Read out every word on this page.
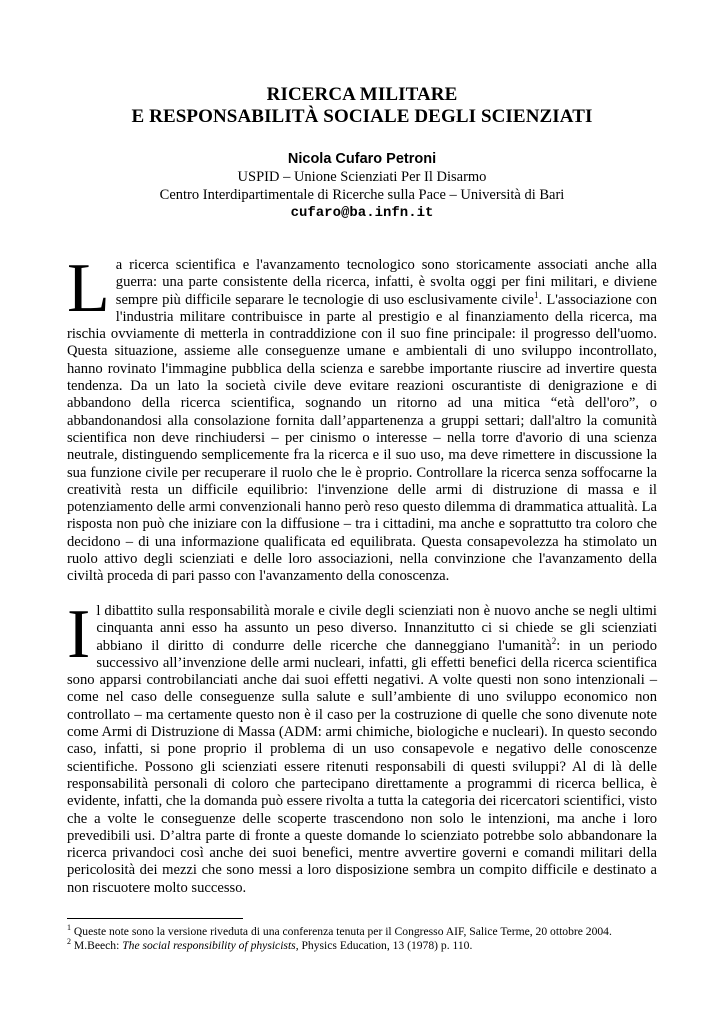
RICERCA MILITARE
E RESPONSABILITÀ SOCIALE DEGLI SCIENZIATI
Nicola Cufaro Petroni
USPID – Unione Scienziati Per Il Disarmo
Centro Interdipartimentale di Ricerche sulla Pace – Università di Bari
cufaro@ba.infn.it

La ricerca scientifica e l'avanzamento tecnologico sono storicamente associati anche alla guerra: una parte consistente della ricerca, infatti, è svolta oggi per fini militari, e diviene sempre più difficile separare le tecnologie di uso esclusivamente civile$^1$. L'associazione con l'industria militare contribuisce in parte al prestigio e al finanziamento della ricerca, ma rischia ovviamente di metterla in contraddizione con il suo fine principale: il progresso dell'uomo. Questa situazione, assieme alle conseguenze umane e ambientali di uno sviluppo incontrollato, hanno rovinato l'immagine pubblica della scienza e sarebbe importante riuscire ad invertire questa tendenza. Da un lato la società civile deve evitare reazioni oscurantiste di denigrazione e di abbandono della ricerca scientifica, sognando un ritorno ad una mitica “età dell'oro”, o abbandonandosi alla consolazione fornita dall’appartenenza a gruppi settari; dall'altro la comunità scientifica non deve rinchiudersi – per cinismo o interesse – nella torre d'avorio di una scienza neutrale, distinguendo semplicemente fra la ricerca e il suo uso, ma deve rimettere in discussione la sua funzione civile per recuperare il ruolo che le è proprio. Controllare la ricerca senza soffocarne la creatività resta un difficile equilibrio: l'invenzione delle armi di distruzione di massa e il potenziamento delle armi convenzionali hanno però reso questo dilemma di drammatica attualità. La risposta non può che iniziare con la diffusione – tra i cittadini, ma anche e soprattutto tra coloro che decidono – di una informazione qualificata ed equilibrata. Questa consapevolezza ha stimolato un ruolo attivo degli scienziati e delle loro associazioni, nella convinzione che l'avanzamento della civiltà proceda di pari passo con l'avanzamento della conoscenza.

Il dibattito sulla responsabilità morale e civile degli scienziati non è nuovo anche se negli ultimi cinquanta anni esso ha assunto un peso diverso. Innanzitutto ci si chiede se gli scienziati abbiano il diritto di condurre delle ricerche che danneggiano l'umanità$^2$: in un periodo successivo all’invenzione delle armi nucleari, infatti, gli effetti benefici della ricerca scientifica sono apparsi controbilanciati anche dai suoi effetti negativi. A volte questi non sono intenzionali – come nel caso delle conseguenze sulla salute e sull’ambiente di uno sviluppo economico non controllato – ma certamente questo non è il caso per la costruzione di quelle che sono divenute note come Armi di Distruzione di Massa (ADM: armi chimiche, biologiche e nucleari). In questo secondo caso, infatti, si pone proprio il problema di un uso consapevole e negativo delle conoscenze scientifiche. Possono gli scienziati essere ritenuti responsabili di questi sviluppi? Al di là delle responsabilità personali di coloro che partecipano direttamente a programmi di ricerca bellica, è evidente, infatti, che la domanda può essere rivolta a tutta la categoria dei ricercatori scientifici, visto che a volte le conseguenze delle scoperte trascendono non solo le intenzioni, ma anche i loro prevedibili usi. D’altra parte di fronte a queste domande lo scienziato potrebbe solo abbandonare la ricerca privandoci così anche dei suoi benefici, mentre avvertire governi e comandi militari della pericolosità dei mezzi che sono messi a loro disposizione sembra un compito difficile e destinato a non riscuotere molto successo.

$^1$ Queste note sono la versione riveduta di una conferenza tenuta per il Congresso AIF, Salice Terme, 20 ottobre 2004.
$^2$ M.Beech: The social responsibility of physicists, Physics Education, 13 (1978) p. 110.
